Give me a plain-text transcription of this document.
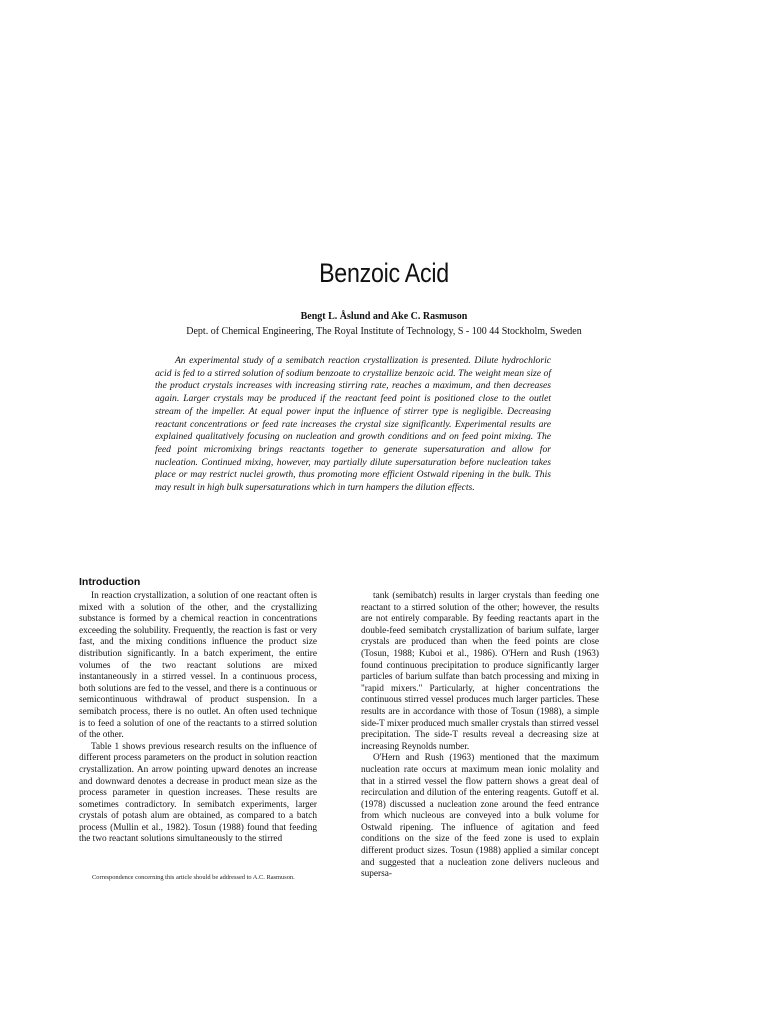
Benzoic Acid
Bengt L. Åslund and Ake C. Rasmuson
Dept. of Chemical Engineering, The Royal Institute of Technology, S - 100 44 Stockholm, Sweden

An experimental study of a semibatch reaction crystallization is presented. Dilute hydrochloric acid is fed to a stirred solution of sodium benzoate to crystallize benzoic acid. The weight mean size of the product crystals increases with increasing stirring rate, reaches a maximum, and then decreases again. Larger crystals may be produced if the reactant feed point is positioned close to the outlet stream of the impeller. At equal power input the influence of stirrer type is negligible. Decreasing reactant concentrations or feed rate increases the crystal size significantly. Experimental results are explained qualitatively focusing on nucleation and growth conditions and on feed point mixing. The feed point micromixing brings reactants together to generate supersaturation and allow for nucleation. Continued mixing, however, may partially dilute supersaturation before nucleation takes place or may restrict nuclei growth, thus promoting more efficient Ostwald ripening in the bulk. This may result in high bulk supersaturations which in turn hampers the dilution effects.

Introduction

In reaction crystallization, a solution of one reactant often is mixed with a solution of the other, and the crystallizing substance is formed by a chemical reaction in concentrations exceeding the solubility. Frequently, the reaction is fast or very fast, and the mixing conditions influence the product size distribution significantly. In a batch experiment, the entire volumes of the two reactant solutions are mixed instantaneously in a stirred vessel. In a continuous process, both solutions are fed to the vessel, and there is a continuous or semicontinuous withdrawal of product suspension. In a semibatch process, there is no outlet. An often used technique is to feed a solution of one of the reactants to a stirred solution of the other.

Table 1 shows previous research results on the influence of different process parameters on the product in solution reaction crystallization. An arrow pointing upward denotes an increase and downward denotes a decrease in product mean size as the process parameter in question increases. These results are sometimes contradictory. In semibatch experiments, larger crystals of potash alum are obtained, as compared to a batch process (Mullin et al., 1982). Tosun (1988) found that feeding the two reactant solutions simultaneously to the stirred

tank (semibatch) results in larger crystals than feeding one reactant to a stirred solution of the other; however, the results are not entirely comparable. By feeding reactants apart in the double-feed semibatch crystallization of barium sulfate, larger crystals are produced than when the feed points are close (Tosun, 1988; Kuboi et al., 1986). O'Hern and Rush (1963) found continuous precipitation to produce significantly larger particles of barium sulfate than batch processing and mixing in "rapid mixers." Particularly, at higher concentrations the continuous stirred vessel produces much larger particles. These results are in accordance with those of Tosun (1988), a simple side-T mixer produced much smaller crystals than stirred vessel precipitation. The side-T results reveal a decreasing size at increasing Reynolds number.

O'Hern and Rush (1963) mentioned that the maximum nucleation rate occurs at maximum mean ionic molality and that in a stirred vessel the flow pattern shows a great deal of recirculation and dilution of the entering reagents. Gutoff et al. (1978) discussed a nucleation zone around the feed entrance from which nucleous are conveyed into a bulk volume for Ostwald ripening. The influence of agitation and feed conditions on the size of the feed zone is used to explain different product sizes. Tosun (1988) applied a similar concept and suggested that a nucleation zone delivers nucleous and supersa-

Correspondence concerning this article should be addressed to A.C. Rasmuson.
